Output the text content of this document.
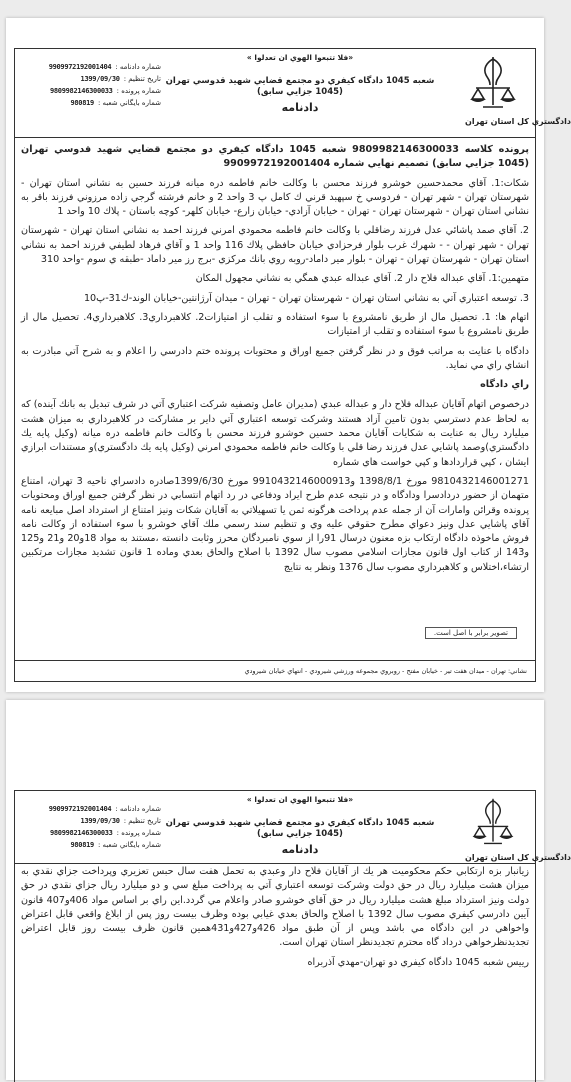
دادگستري كل استان تهران
«فلا تتبعوا الهوي ان تعدلوا »
شعبه 1045 دادگاه كيفري دو مجتمع قضايي شهيد قدوسي تهران
(1045 جزايي سابق)
دادنامه
شماره دادنامه :
9909972192001404
تاريخ تنظيم :
1399/09/30
شماره پرونده :
9809982146300033
شماره بايگاني شعبه :
980819

پرونده كلاسه 9809982146300033 شعبه 1045 دادگاه كيفري دو مجتمع قضايي شهيد قدوسي تهران (1045 جزايي سابق) تصميم نهايي شماره 9909972192001404

شكات:1. آقاي محمدحسين خوشرو فرزند محسن با وكالت خانم فاطمه دره ميانه فرزند حسين به نشاني استان تهران - شهرستان تهران - شهر تهران - فردوسي خ سپهبد قرني ك كامل پ 3 واحد 2 و خانم فرشته گرجي زاده مرزوني فرزند باقر به نشاني استان تهران - شهرستان تهران - تهران - خيابان آزادي- خيابان زارع- خيابان كلهر- كوچه باستان - پلاك 10 واحد 1

2. آقاي صمد پاشائي عدل فرزند رضاقلي با وكالت خانم فاطمه محمودي امرني فرزند احمد به نشاني استان تهران - شهرستان تهران - شهر تهران - - شهرك غرب بلوار فرحزادي خيابان حافظي پلاك 116 واحد 1 و آقاي فرهاد لطيفي فرزند احمد به نشاني استان تهران - شهرستان تهران - تهران - بلوار مير داماد-روبه روي بانك مركزي -برج رز مير داماد -طبقه ي سوم -واحد 310

متهمين:1. آقاي عبداله فلاح دار 2. آقاي عبداله عبدي همگي به نشاني مجهول المكان

3. توسعه اعتباري آتي به نشاني استان تهران - شهرستان تهران - تهران - ميدان آرژانتين-خيابان الوند-ك31-پ10

اتهام ها: 1. تحصيل مال از طريق نامشروع با سوء استفاده و تقلب از امتيازات2. كلاهبرداري3. كلاهبرداري4. تحصيل مال از طريق نامشروع با سوء استفاده و تقلب از امتيازات

دادگاه با عنايت به مراتب فوق و در نظر گرفتن جميع اوراق و محتويات پرونده ختم دادرسي را اعلام و به شرح آتي مبادرت به انشاي راي مي نمايد.

راي دادگاه

درخصوص اتهام آقايان عبداله فلاح دار و عبداله عبدي (مديران عامل وتصفيه شركت اعتباري آتي در شرف تبديل به بانك آينده) كه به لحاظ عدم دسترسي بدون تامين آزاد هستند وشركت توسعه اعتباري آتي داير بر مشاركت در كلاهبرداري به ميزان هشت ميليارد ريال به عنايت به شكايات آقايان محمد حسين خوشرو فرزند محسن با وكالت خانم فاطمه دره ميانه (وكيل پايه يك دادگستري)وصمد پاشايي عدل فرزند رضا قلي با وكالت خانم فاطمه محمودي امرني (وكيل پايه يك دادگستري)و مستندات ابرازي ايشان ، كپي قراردادها و كپي خواست هاي شماره

9810432146001271 مورخ 1398/8/1 و9910432146000913 مورخ 1399/6/30صادره دادسراي ناحيه 3 تهران، امتناع متهمان از حضور دردادسرا ودادگاه و در نتيجه عدم طرح ايراد ودفاعي در رد اتهام انتسابي در نظر گرفتن جميع اوراق ومحتويات پرونده وقرائن وامارات آن از جمله عدم پرداخت هرگونه ثمن يا تسهيلاتي به آقايان شكات ونيز امتناع از استرداد اصل مبايعه نامه آقاي پاشايي عدل ونيز دعواي مطرح حقوقي عليه وي و تنظيم سند رسمي ملك آقاي خوشرو با سوء استفاده از وكالت نامه فروش ماخوذه دادگاه ارتكاب بزه معنون درسال 91را از سوي نامبردگان محرز وثابت دانسته ،مستند به مواد 18و20 و21 و125 و143 از كتاب اول قانون مجازات اسلامي مصوب سال 1392 با اصلاح والحاق بعدي وماده 1 قانون تشديد مجازات مرتكبين ارتشاء،اختلاس و كلاهبرداري مصوب سال 1376 ونظر به نتايج

تصوير برابر با اصل است.
نشاني: تهران - ميدان هفت تير - خيابان مفتح - روبروي مجموعه ورزشي شيرودي - انتهاي خيابان شيرودي
دادگستري كل استان تهران
«فلا تتبعوا الهوي ان تعدلوا »
شعبه 1045 دادگاه كيفري دو مجتمع قضايي شهيد قدوسي تهران
(1045 جزايي سابق)
دادنامه
شماره دادنامه :
9909972192001404
تاريخ تنظيم :
1399/09/30
شماره پرونده :
9809982146300033
شماره بايگاني شعبه :
980819

زيانبار بزه ارتكابي حكم محكوميت هر يك از آقايان فلاح دار وعبدي به تحمل هفت سال حبس تعزيري وپرداخت جزاي نقدي به ميزان هشت ميليارد ريال در حق دولت وشركت توسعه اعتباري آتي به پرداخت مبلغ سي و دو ميليارد ريال جزاي نقدي در حق دولت ونيز استرداد مبلغ هشت ميليارد ريال در حق آقاي خوشرو صادر واعلام مي گردد.اين راي بر اساس مواد 406و407 قانون آيين دادرسي كيفري مصوب سال 1392 با اصلاح والحاق بعدي غيابي بوده وظرف بيست روز پس از ابلاغ واقعي قابل اعتراض واخواهي در اين دادگاه مي باشد وپس از آن طبق مواد 426و427و431همين قانون ظرف بيست روز قابل اعتراض تجديدنظرخواهي درداد گاه محترم تجديدنظر استان تهران است.

رييس شعبه 1045 دادگاه كيفري دو تهران-مهدي آذربراه
